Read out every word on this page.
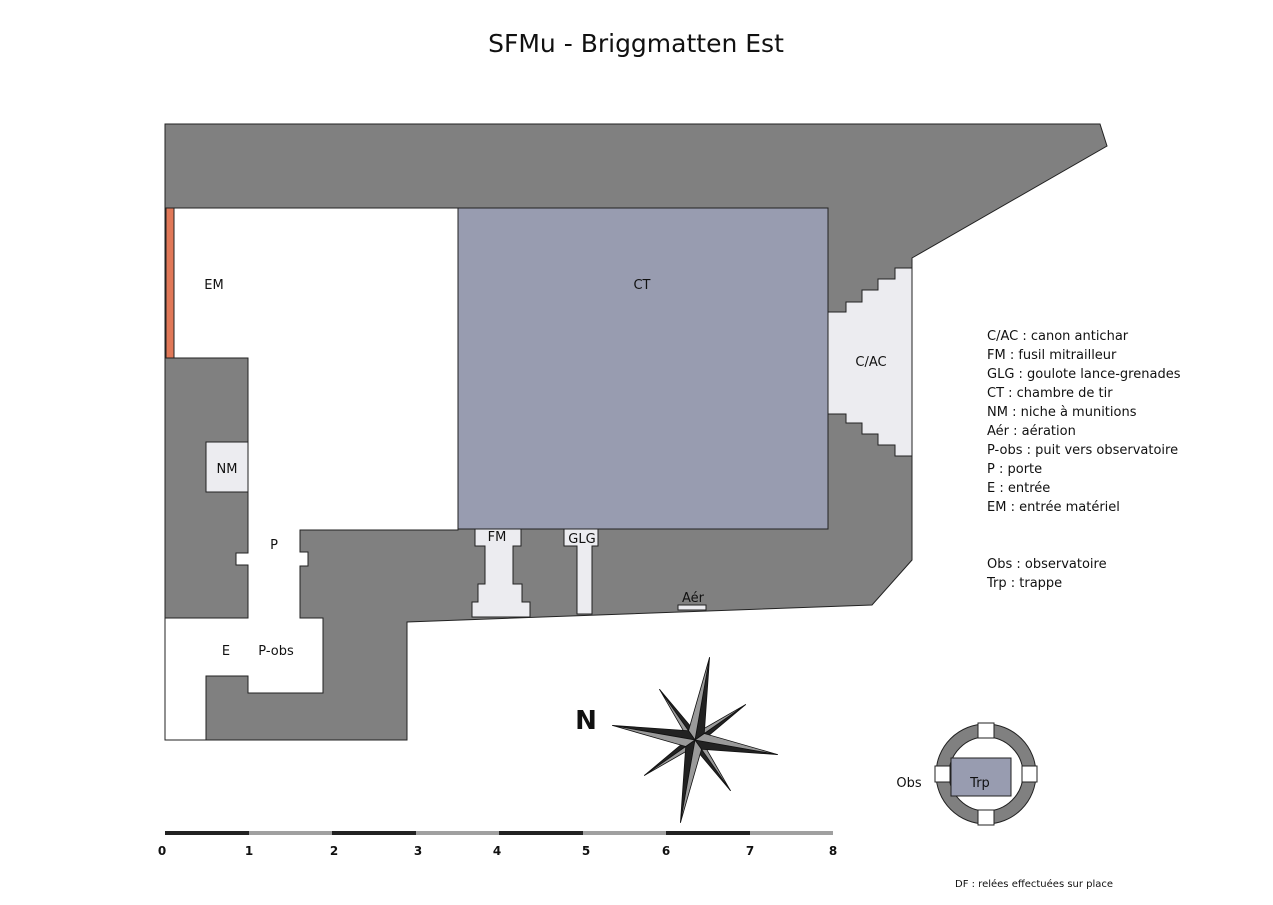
SFMu - Briggmatten Est
EM	CT
C/AC
NM
P
FM	GLG
Aér
E P-obs
C/AC : canon antichar
FM : fusil mitrailleur
GLG : goulote lance-grenades
CT : chambre de tir
NM : niche à munitions
Aér : aération
P-obs : puit vers observatoire
P : porte
E : entrée
EM : entrée matériel
Obs : observatoire
Trp : trappe
N
Trp
Obs
0	1	2	3	4	5	6	7	8
DF : relées effectuées sur place
